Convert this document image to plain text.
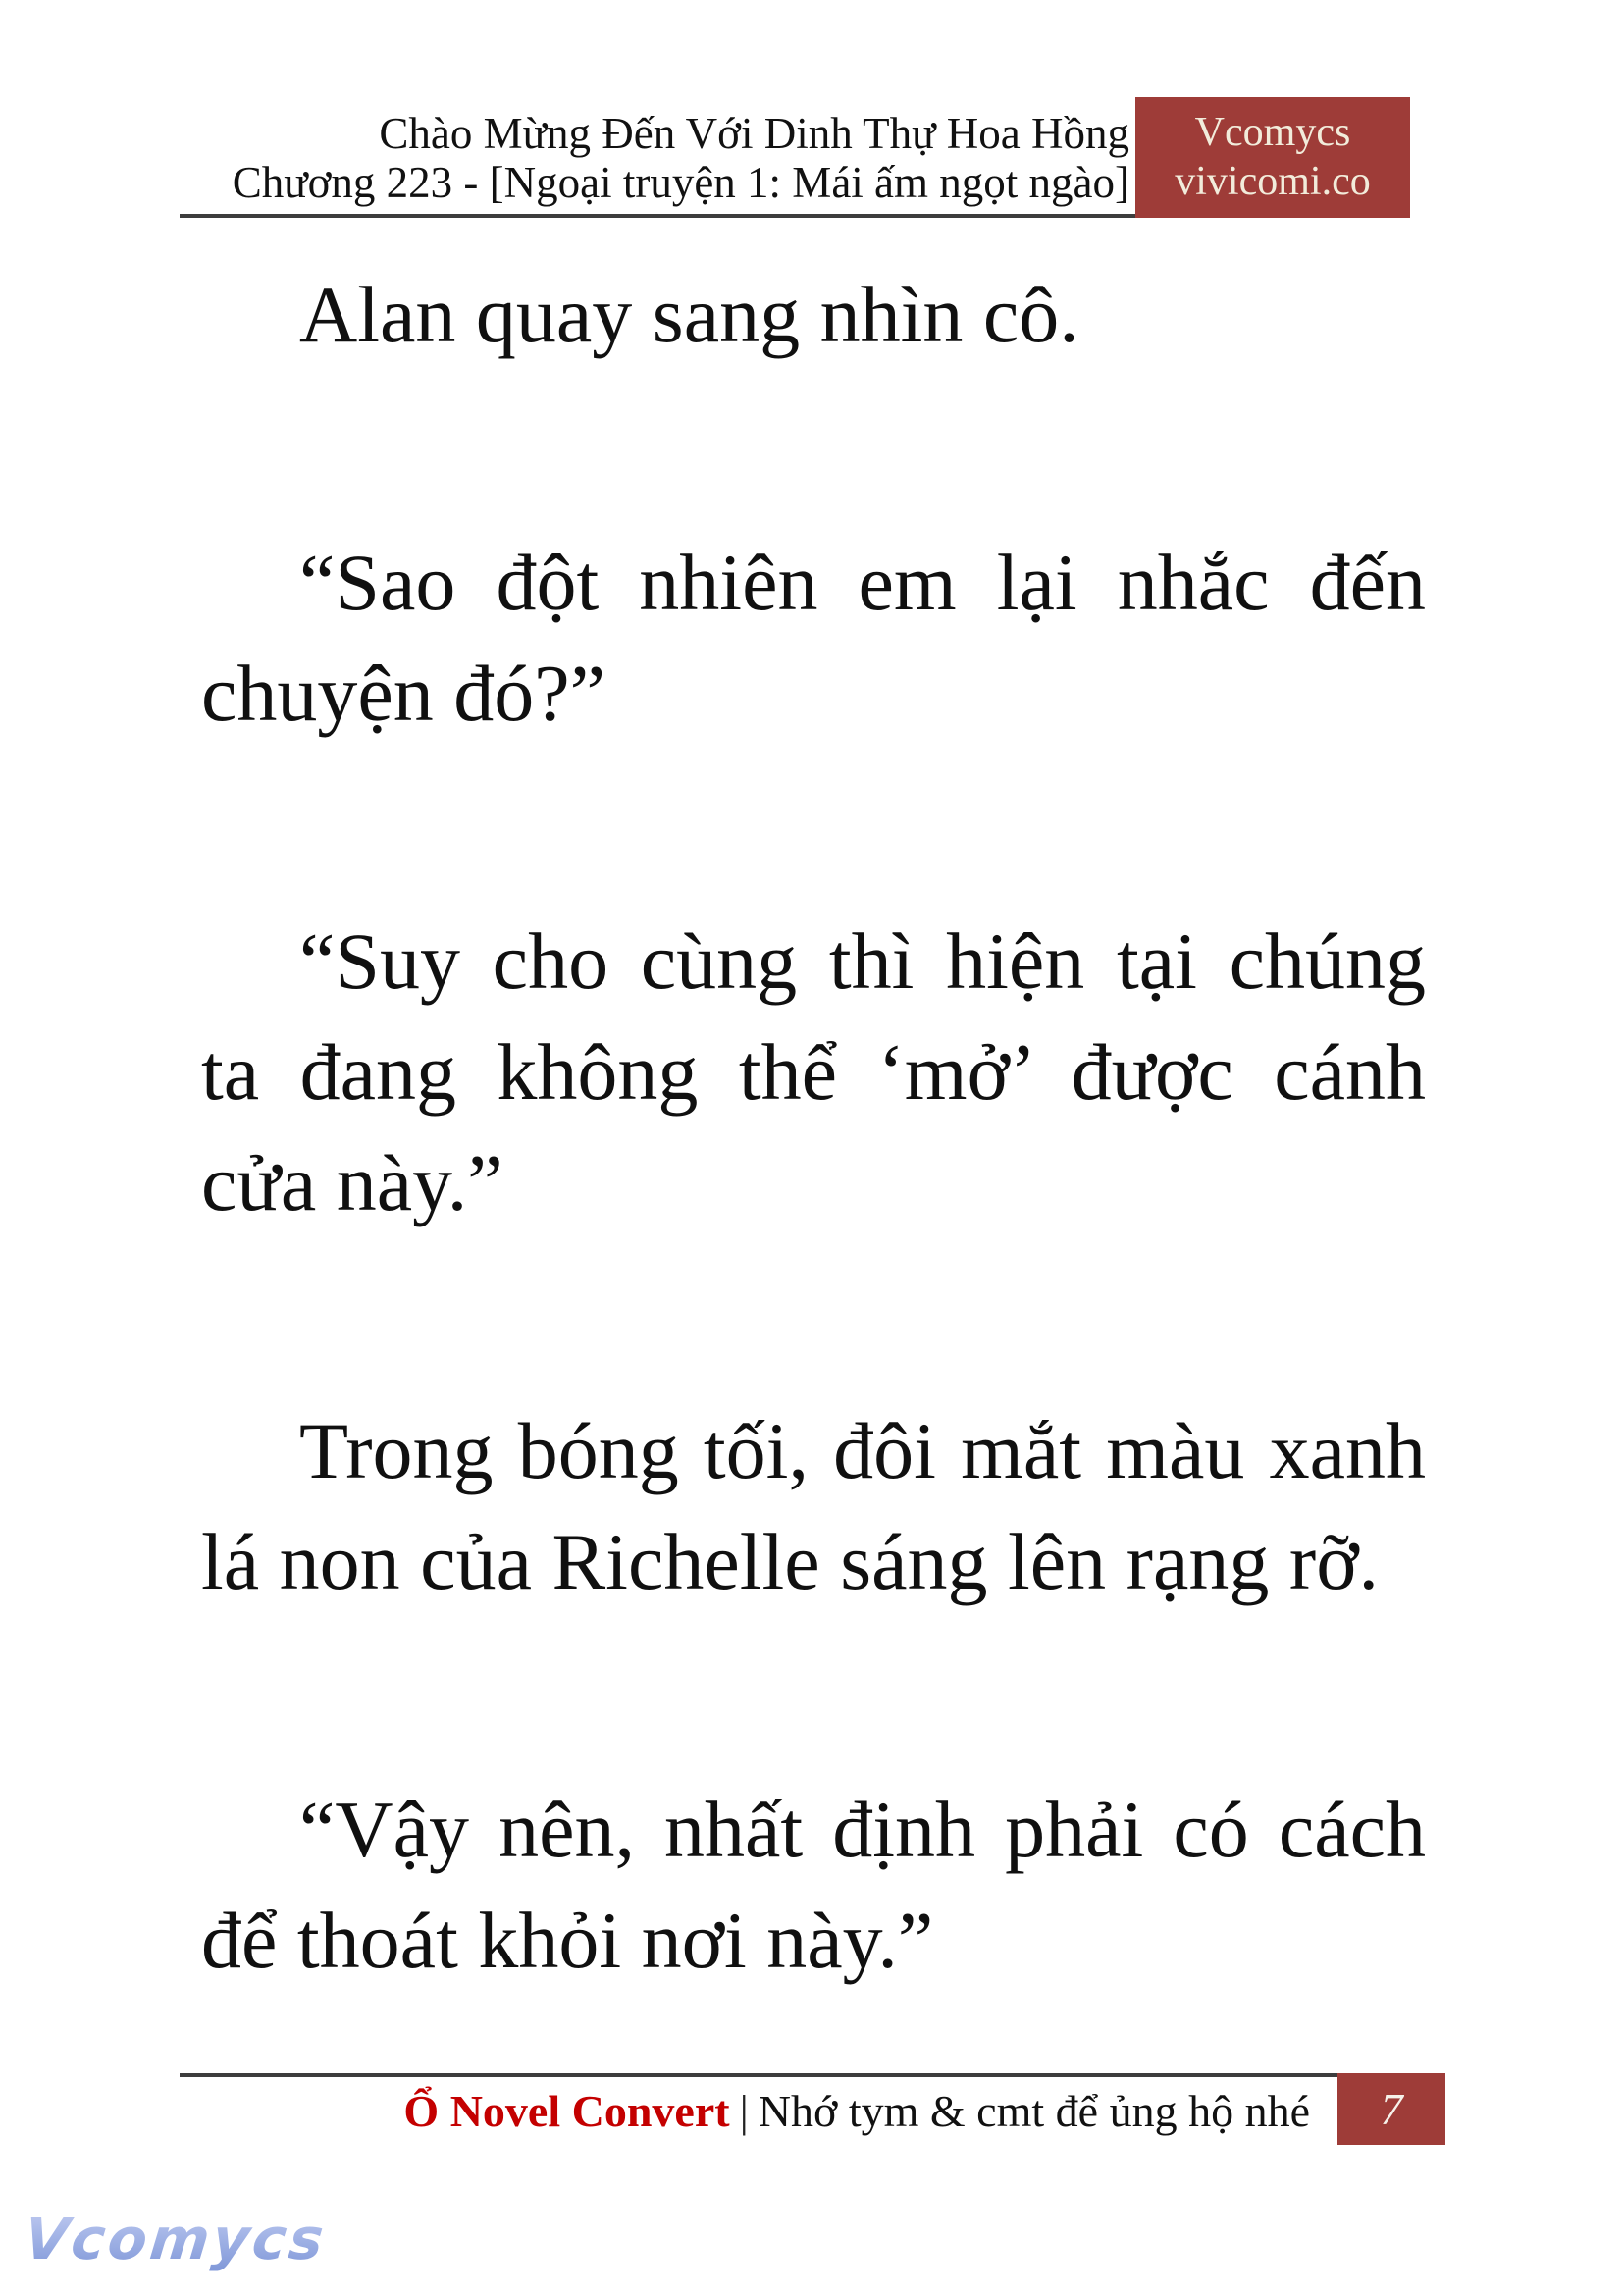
Chào Mừng Đến Với Dinh Thự Hoa Hồng
Chương 223 - [Ngoại truyện 1: Mái ấm ngọt ngào]
Vcomycs
vivicomi.co

Alan quay sang nhìn cô.

“Sao đột nhiên em lại nhắc đến
chuyện đó?”

“Suy cho cùng thì hiện tại chúng
ta đang không thể ‘mở’ được cánh
cửa này.”

Trong bóng tối, đôi mắt màu xanh
lá non của Richelle sáng lên rạng rỡ.

“Vậy nên, nhất định phải có cách
để thoát khỏi nơi này.”

Ổ Novel Convert | Nhớ tym & cmt để ủng hộ nhé	7
Vcomycs
